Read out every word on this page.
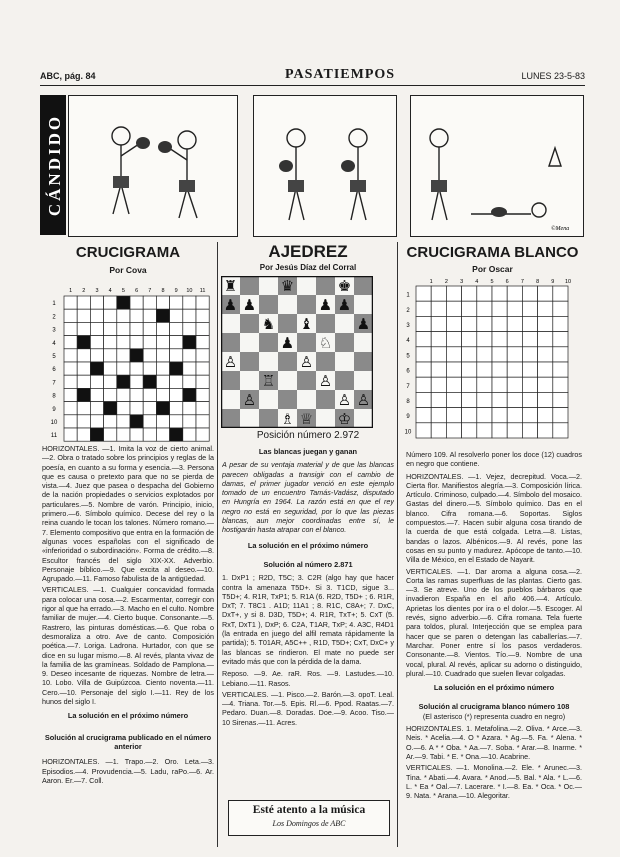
ABC, pág. 84	PASATIEMPOS	LUNES 23-5-83
CÁNDIDO
©Mena
CRUCIGRAMA
Por Cova
1 2 3 4 5 6 7 8 9 10 11
1
2
3
4
5
6
7
8
9
10
11
HORIZONTALES. —1. Imita la voz de cierto animal.—2. Obra o tratado sobre los principios y reglas de la poesía, en cuanto a su forma y esencia.—3. Persona que es causa o pretexto para que no se pierda de vista.—4. Juez que pasea o despacha del Gobierno de la nación propiedades o servicios explotados por particulares.—5. Nombre de varón. Principio, inicio, primero.—6. Símbolo químico. Decese del rey o la reina cuando le tocan los talones. Número romano.—7. Elemento compositivo que entra en la formación de algunas voces españolas con el significado de «inferioridad o subordinación». Forma de crédito.—8. Escultor francés del siglo XIX-XX. Adverbio. Personaje bíblico.—9. Que excita al deseo.—10. Agrupado.—11. Famoso fabulista de la antigüedad.
VERTICALES. —1. Cualquier concavidad formada para colocar una cosa.—2. Escarmentar, corregir con rigor al que ha errado.—3. Macho en el culto. Nombre familiar de mujer.—4. Cierto buque. Consonante.—5. Rastrero, las pinturas domésticas.—6. Que roba o desmoraliza a otro. Ave de canto. Composición poética.—7. Loriga. Ladrona. Hurtador, con que se dice en su lugar mismo.—8. Al revés, planta vivaz de la familia de las gramíneas. Soldado de Pamplona.—9. Deseo incesante de riquezas. Nombre de letra.—10. Lobo. Villa de Guipúzcoa. Ciento noventa.—11. Cero.—10. Personaje del siglo I.—11. Rey de los hunos del siglo I.
La solución en el próximo número
Solución al crucigrama publicado en el número anterior
HORIZONTALES. —1. Trapo.—2. Oro. Leta.—3. Episodios.—4. Provudencia.—5. Ladu, raPo.—6. Ar. Aaron. Er.—7. Coll.
AJEDREZ
Por Jesús Díaz del Corral
♜	♛	♚
♟ ♟	♟ ♟
♞ ♝	♟
♟ ♘
♙	♙
♖	♙
♙	♙ ♙
♗ ♕ ♔
Posición número 2.972
Las blancas juegan y ganan
A pesar de su ventaja material y de que las blancas parecen obligadas a transigir con el cambio de damas, el primer jugador venció en este ejemplo tomado de un encuentro Tamás-Vadász, disputado en Hungría en 1964. La razón está en que el rey negro no está en seguridad, por lo que las piezas blancas, aun mejor coordinadas entre sí, le hostigarán hasta atrapar con el blanco.
La solución en el próximo número
Solución al número 2.871
1. DxP1 ; R2D, T5C; 3. C2R (algo hay que hacer contra la amenaza T5D+. Si 3. T1CD, sigue 3... T5D+; 4. R1R, TxP1; 5. R1A (6. R2D, T5D+ ; 6. R1R, DxT; 7. T8C1 . A1D; 11A1 ; 8. R1C, C8A+; 7. DxC, DxT+, y si 8. D3D, T5D+; 4. R1R, TxT+; 5. CxT (5. RxT, DxT1 ), DxP; 6. C2A, T1AR, TxP; 4. A3C, R4D1 (la entrada en juego del alfil remata rápidamente la partida); 5. T01AR, A5C++ , R1D, T5D+; CxT, DxC+ y las blancas se rindieron. El mate no puede ser evitado más que con la pérdida de la dama.
Reposo. —9. Ae. raR. Ros. —9. Lastudes.—10. Lebiano.—11. Rasos.
VERTICALES. —1. Pisco.—2. Barón.—3. opoT. Leal.—4. Triana. Tor.—5. Epis. Rl.—6. Ppod. Raatas.—7. Pedaro. Duan.—8. Doradas. Doe.—9. Acoo. Tiso.—10 Sirenas.—11. Acres.
Esté atento a la música
Los Domingos de ABC
CRUCIGRAMA BLANCO
Por Oscar
1 2 3 4 5 6 7 8 9 10
1
2
3
4
5
6
7
8
9
10
Número 109. Al resolverlo poner los doce (12) cuadros en negro que contiene.
HORIZONTALES. —1. Vejez, decrepitud. Voca.—2. Cierta flor. Manifiestos alegría.—3. Composición lírica. Artículo. Criminoso, culpado.—4. Símbolo del mosaico. Gastas del dinero.—5. Símbolo químico. Das en el blanco. Cifra romana.—6. Soportas. Siglos compuestos.—7. Hacen subir alguna cosa tirando de la cuerda de que está colgada. Letra.—8. Listas, bandas o lazos. Albénicos.—9. Al revés, pone las cosas en su punto y madurez. Apócope de tanto.—10. Villa de México, en el Estado de Nayarit.
VERTICALES. —1. Dar aroma a alguna cosa.—2. Corta las ramas superfluas de las plantas. Cierto gas.—3. Se atreve. Uno de los pueblos bárbaros que invadieron España en el año 406.—4. Artículo. Aprietas los dientes por ira o el dolor.—5. Escoger. Al revés, signo adverbio.—6. Cifra romana. Tela fuerte para toldos, plural. Interjección que se emplea para hacer que se paren o detengan las caballerías.—7. Marchar. Poner entre sí los pasos verdaderos. Consonante.—8. Vientos. Tío.—9. Nombre de una vocal, plural. Al revés, aplicar su adorno o distinguido, plural.—10. Cuadrado que suelen llevar colgadas.
La solución en el próximo número
Solución al crucigrama blanco número 108
(El asterisco (*) representa cuadro en negro)
HORIZONTALES. 1. Metafolina.—2. Oliva. * Arce.—3. Neis. * Acelia.—4. O * Azara. * Ag.—5. Fa. * Alena. * O.—6. A * * Oba. * Aa.—7. Soba. * Arar.—8. Inarme. * Ar.—9. Tabi. * E. * Ona.—10. Acabrine.
VERTICALES. —1. Monolina.—2. Ele. * Arunec.—3. Tina. * Abati.—4. Avara. * Anod.—5. Bal. * Ala. * L.—6. L. * Ea * Oal.—7. Lacerare. * I.—8. Ea. * Oca. * Oc.—9. Nata. * Arana.—10. Alegoritar.
